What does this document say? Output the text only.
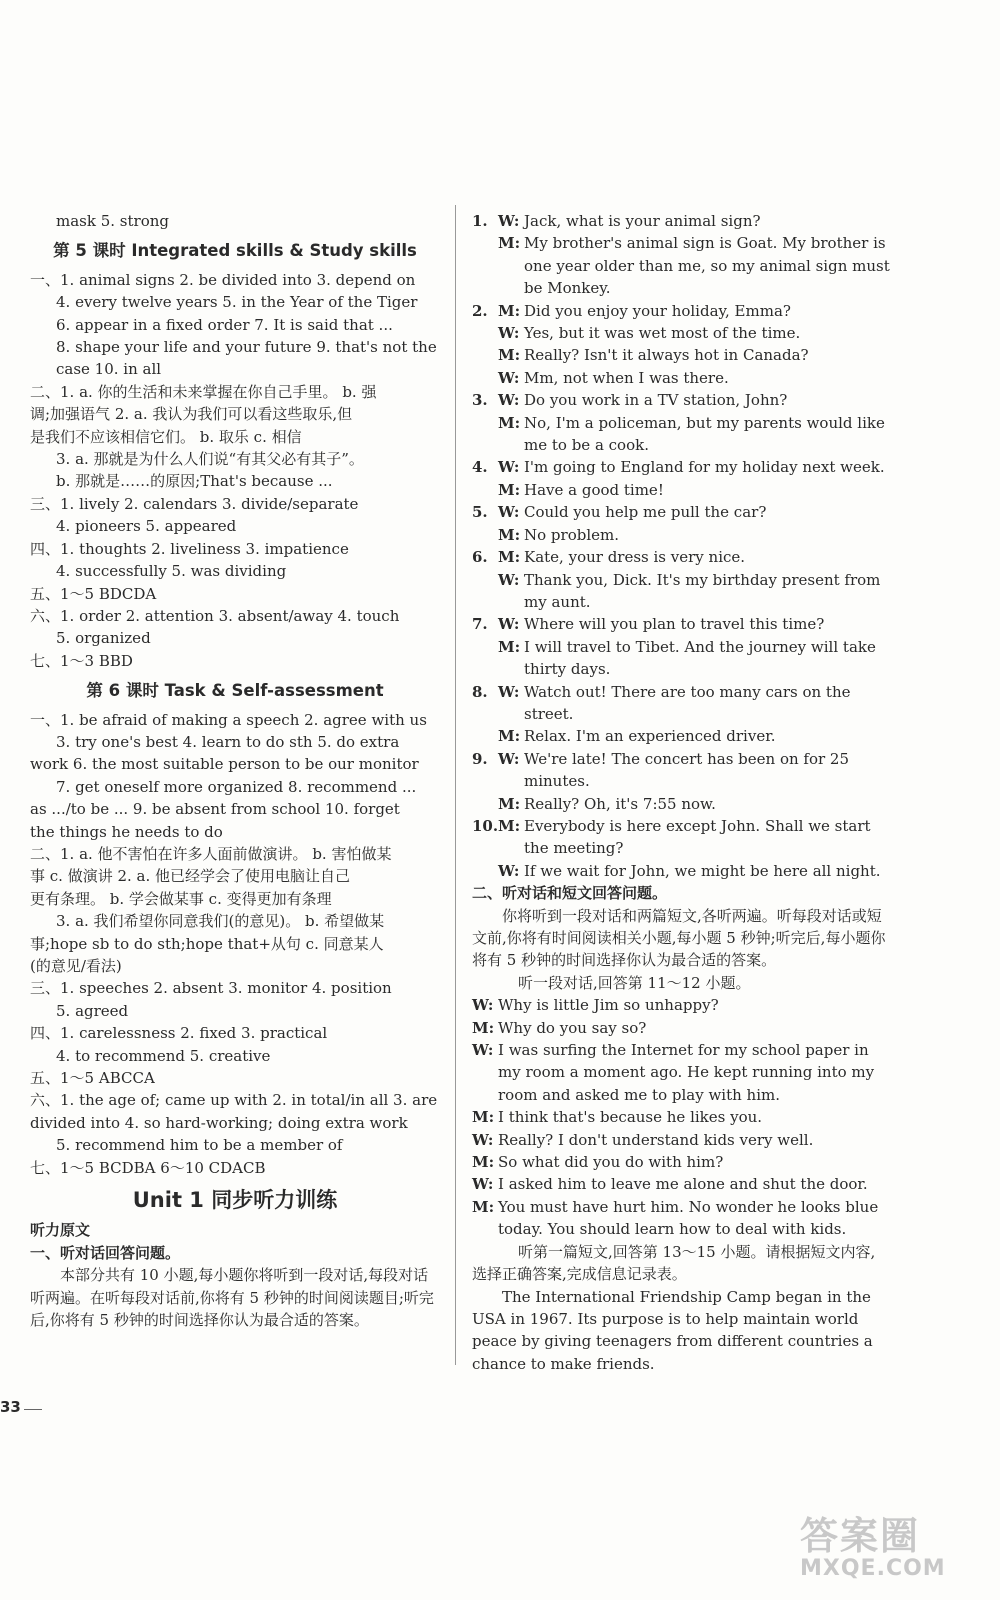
mask 5. strong
第 5 课时 Integrated skills & Study skills
一、1. animal signs 2. be divided into 3. depend on
4. every twelve years 5. in the Year of the Tiger
6. appear in a fixed order 7. It is said that ...
8. shape your life and your future 9. that's not the
case 10. in all
二、1. a. 你的生活和未来掌握在你自己手里。 b. 强
调;加强语气 2. a. 我认为我们可以看这些取乐,但
是我们不应该相信它们。 b. 取乐 c. 相信
3. a. 那就是为什么人们说“有其父必有其子”。
b. 那就是……的原因;That's because ...
三、1. lively 2. calendars 3. divide/separate
4. pioneers 5. appeared
四、1. thoughts 2. liveliness 3. impatience
4. successfully 5. was dividing
五、1～5 BDCDA
六、1. order 2. attention 3. absent/away 4. touch
5. organized
七、1～3 BBD
第 6 课时 Task & Self-assessment
一、1. be afraid of making a speech 2. agree with us
3. try one's best 4. learn to do sth 5. do extra
work 6. the most suitable person to be our monitor
7. get oneself more organized 8. recommend ...
as .../to be ... 9. be absent from school 10. forget
the things he needs to do
二、1. a. 他不害怕在许多人面前做演讲。 b. 害怕做某
事 c. 做演讲 2. a. 他已经学会了使用电脑让自己
更有条理。 b. 学会做某事 c. 变得更加有条理
3. a. 我们希望你同意我们(的意见)。 b. 希望做某
事;hope sb to do sth;hope that+从句 c. 同意某人
(的意见/看法)
三、1. speeches 2. absent 3. monitor 4. position
5. agreed
四、1. carelessness 2. fixed 3. practical
4. to recommend 5. creative
五、1～5 ABCCA
六、1. the age of; came up with 2. in total/in all 3. are
divided into 4. so hard-working; doing extra work
5. recommend him to be a member of
七、1～5 BCDBA 6～10 CDACB
Unit 1 同步听力训练
听力原文
一、听对话回答问题。
本部分共有 10 小题,每小题你将听到一段对话,每段对话听两遍。在听每段对话前,你将有 5 秒钟的时间阅读题目;听完后,你将有 5 秒钟的时间选择你认为最合适的答案。
1. W: Jack, what is your animal sign?
M: My brother's animal sign is Goat. My brother is one year older than me, so my animal sign must be Monkey.
2. M: Did you enjoy your holiday, Emma?
W: Yes, but it was wet most of the time.
M: Really? Isn't it always hot in Canada?
W: Mm, not when I was there.
3. W: Do you work in a TV station, John?
M: No, I'm a policeman, but my parents would like me to be a cook.
4. W: I'm going to England for my holiday next week.
M: Have a good time!
5. W: Could you help me pull the car?
M: No problem.
6. M: Kate, your dress is very nice.
W: Thank you, Dick. It's my birthday present from my aunt.
7. W: Where will you plan to travel this time?
M: I will travel to Tibet. And the journey will take thirty days.
8. W: Watch out! There are too many cars on the street.
M: Relax. I'm an experienced driver.
9. W: We're late! The concert has been on for 25 minutes.
M: Really? Oh, it's 7:55 now.
10. M: Everybody is here except John. Shall we start the meeting?
W: If we wait for John, we might be here all night.
二、听对话和短文回答问题。
你将听到一段对话和两篇短文,各听两遍。听每段对话或短文前,你将有时间阅读相关小题,每小题 5 秒钟;听完后,每小题你将有 5 秒钟的时间选择你认为最合适的答案。
听一段对话,回答第 11～12 小题。
W: Why is little Jim so unhappy?
M: Why do you say so?
W: I was surfing the Internet for my school paper in my room a moment ago. He kept running into my room and asked me to play with him.
M: I think that's because he likes you.
W: Really? I don't understand kids very well.
M: So what did you do with him?
W: I asked him to leave me alone and shut the door.
M: You must have hurt him. No wonder he looks blue today. You should learn how to deal with kids.
听第一篇短文,回答第 13～15 小题。请根据短文内容,选择正确答案,完成信息记录表。
The International Friendship Camp began in the USA in 1967. Its purpose is to help maintain world peace by giving teenagers from different countries a chance to make friends.
33
答案圈
MXQE.COM
